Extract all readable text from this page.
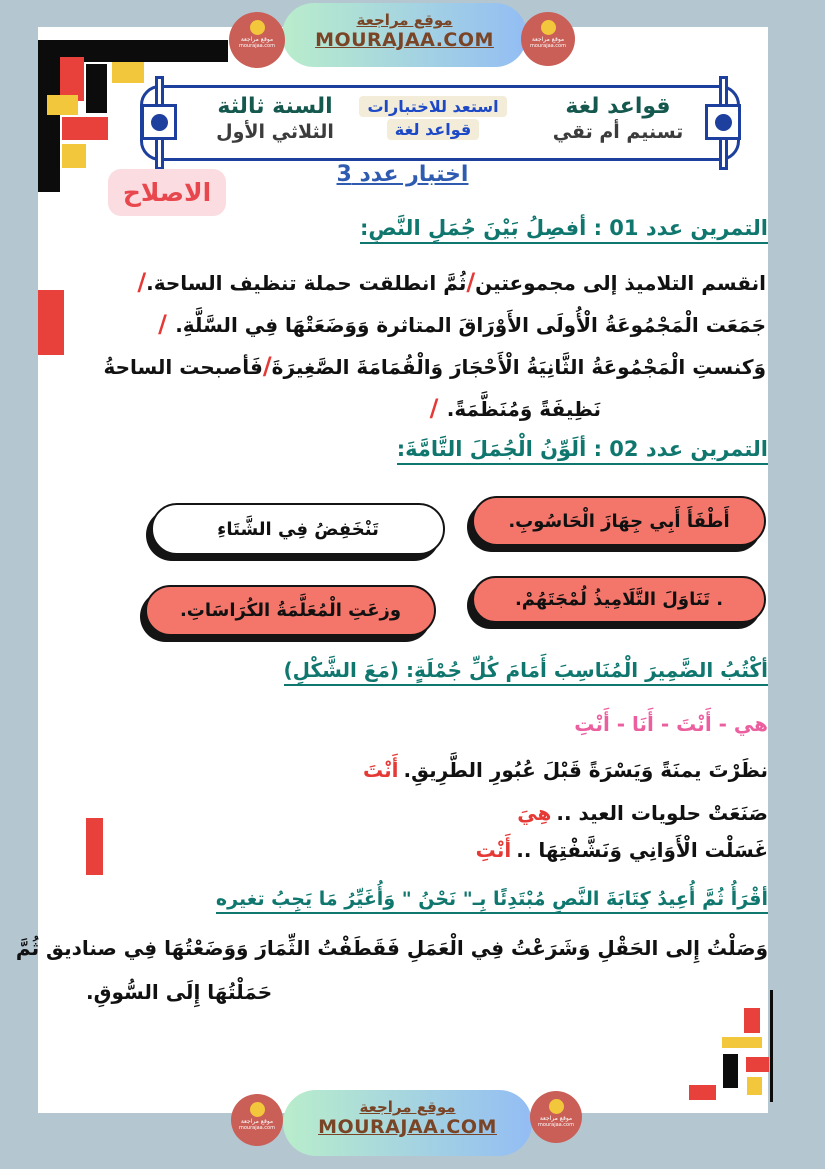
موقع مراجعة
MOURAJAA.COM
موقع مراجعة
mourajaa.com
موقع مراجعة
mourajaa.com
قواعد لغة
تسنيم أم تقي
استعد للاختبارات
قواعد لغة
السنة ثالثة
الثلاثي الأول
اختبار عدد 3
الاصلاح
التمرين عدد 01 : أفصِلُ بَيْنَ جُمَلِ النَّصِ:
انقسم التلاميذ إلى مجموعتين/ثُمَّ انطلقت حملة تنظيف الساحة./
جَمَعَت الْمَجْمُوعَةُ الْأُولَى الأَوْرَاقَ المتاثرة وَوَضَعَتْهَا فِي السَّلَّةِ. /
وَكنستِ الْمَجْمُوعَةُ الثَّانِيَةُ الْأَحْجَارَ وَالْقُمَامَةَ الصَّغِيرَةَ/فَأصبحت الساحةُ
نَظِيفَةً وَمُنَظَّمَةً. /
التمرين عدد 02 : ألَوِّنُ الْجُمَلَ التَّامَّةَ:
أَطْفَأَ أَبِي جِهَازَ الْحَاسُوبِ.
تَنْخَفِضُ فِي الشَّتَاءِ
. تَنَاوَلَ التَّلَامِيذُ لُمْجَتَهُمْ.
وزعَتِ الْمُعَلَّمَةُ الكُرَاسَاتِ.
أكْتُبُ الضَّمِيرَ الْمُنَاسِبَ أَمَامَ كُلِّ جُمْلَةٍ: (مَعَ الشَّكْلِ)
هي - أَنْتَ - أَنَا - أَنْتِ
نظَرْتَ يمنَةً وَيَسْرَةً قَبْلَ عُبُورِ الطَّرِيقِ.أَنْتَ
صَنَعَتْ حلويات العيد ..هِيَ
غَسَلْت الْأَوَانِي وَنَشَّفْتِهَا ..أَنْتِ
أقْرَأُ ثُمَّ أُعِيدُ كِتَابَةَ النَّصِ مُبْتَدِئًا بِـ" نَحْنُ " وَأُغَيِّرُ مَا يَجِبُ تغيره
وَصَلْتُ إِلى الحَقْلِ وَشَرَعْتُ فِي الْعَمَلِ فَقَطَفْتُ الثِّمَارَ وَوَضَعْتُهَا فِي صناديق ثُمَّ
حَمَلْتُهَا إِلَى السُّوقِ.
موقع مراجعة
MOURAJAA.COM
موقع مراجعة
mourajaa.com
موقع مراجعة
mourajaa.com
